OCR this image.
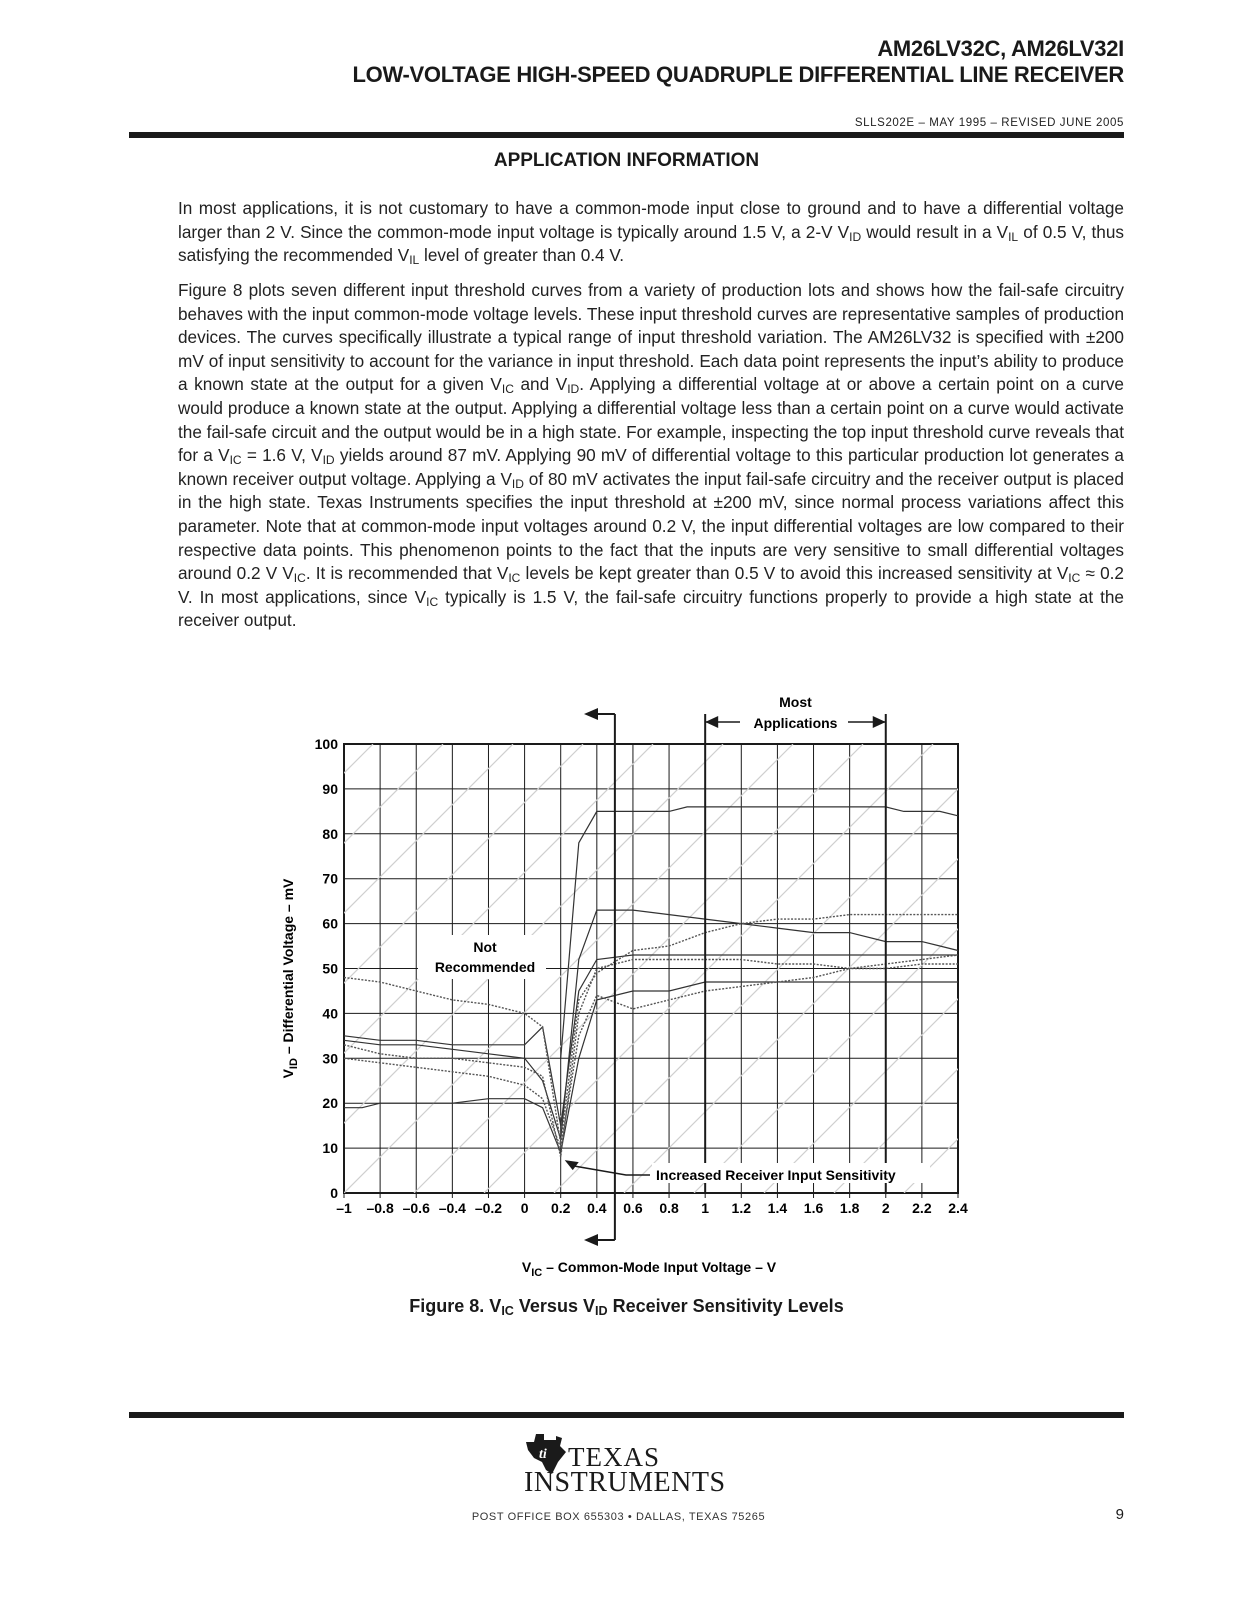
AM26LV32C, AM26LV32I
LOW-VOLTAGE HIGH-SPEED QUADRUPLE DIFFERENTIAL LINE RECEIVER
SLLS202E – MAY 1995 – REVISED JUNE 2005
APPLICATION INFORMATION

In most applications, it is not customary to have a common-mode input close to ground and to have a differential voltage larger than 2 V. Since the common-mode input voltage is typically around 1.5 V, a 2-V $V_{ID}$ would result in a $V_{IL}$ of 0.5 V, thus satisfying the recommended $V_{IL}$ level of greater than 0.4 V.

Figure 8 plots seven different input threshold curves from a variety of production lots and shows how the fail-safe circuitry behaves with the input common-mode voltage levels. These input threshold curves are representative samples of production devices. The curves specifically illustrate a typical range of input threshold variation. The AM26LV32 is specified with ±200 mV of input sensitivity to account for the variance in input threshold. Each data point represents the input’s ability to produce a known state at the output for a given $V_{IC}$ and $V_{ID}$. Applying a differential voltage at or above a certain point on a curve would produce a known state at the output. Applying a differential voltage less than a certain point on a curve would activate the fail-safe circuit and the output would be in a high state. For example, inspecting the top input threshold curve reveals that for a $V_{IC} = 1.6$ V, $V_{ID}$ yields around 87 mV. Applying 90 mV of differential voltage to this particular production lot generates a known receiver output voltage. Applying a $V_{ID}$ of 80 mV activates the input fail-safe circuitry and the receiver output is placed in the high state. Texas Instruments specifies the input threshold at ±200 mV, since normal process variations affect this parameter. Note that at common-mode input voltages around 0.2 V, the input differential voltages are low compared to their respective data points. This phenomenon points to the fact that the inputs are very sensitive to small differential voltages around 0.2 V $V_{IC}$. It is recommended that $V_{IC}$ levels be kept greater than 0.5 V to avoid this increased sensitivity at $V_{IC} \approx 0.2$ V. In most applications, since $V_{IC}$ typically is 1.5 V, the fail-safe circuitry functions properly to provide a high state at the receiver output.

–1 –0.8 –0.6 –0.4 –0.2 0 0.2 0.4 0.6 0.8 1 1.2 1.4 1.6 1.8 2 2.2 2.4
0
10
20
30
40
50
60
70
80
90
100
Most
Applications
Not
Recommended
Increased Receiver Input Sensitivity
$V_{IC}$ – Common-Mode Input Voltage – V
$V_{ID}$ – Differential Voltage – mV
Figure 8. $V_{IC}$ Versus $V_{ID}$ Receiver Sensitivity Levels
ti TEXAS
INSTRUMENTS
POST OFFICE BOX 655303 • DALLAS, TEXAS 75265	9
